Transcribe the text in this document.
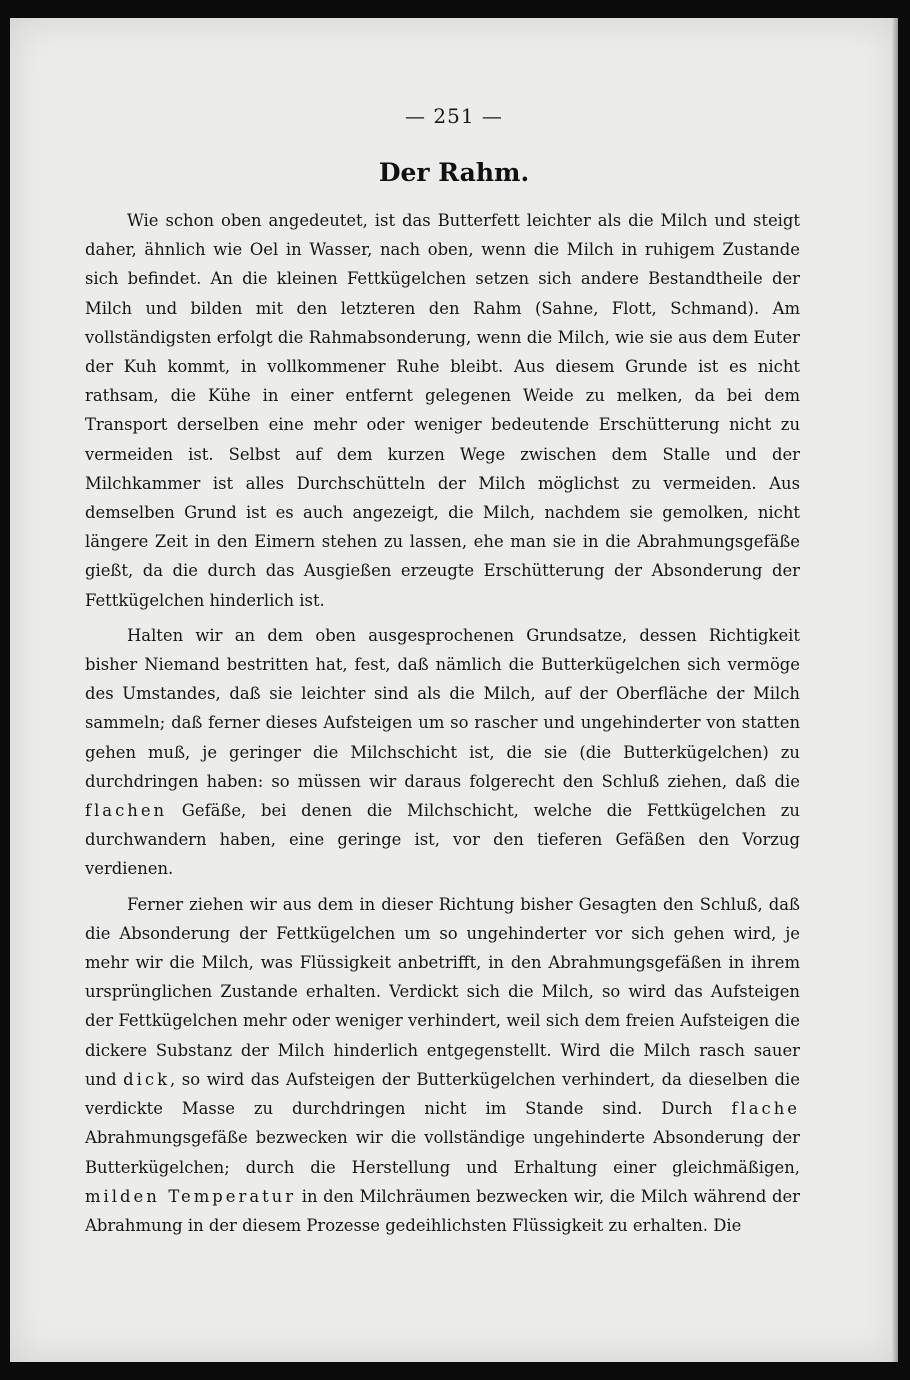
— 251 —
Der Rahm.

Wie schon oben angedeutet, ist das Butterfett leichter als die Milch und steigt daher, ähnlich wie Oel in Wasser, nach oben, wenn die Milch in ruhigem Zustande sich befindet. An die kleinen Fettkügelchen setzen sich andere Bestandtheile der Milch und bilden mit den letzteren den Rahm (Sahne, Flott, Schmand). Am vollständigsten erfolgt die Rahmabsonderung, wenn die Milch, wie sie aus dem Euter der Kuh kommt, in vollkommener Ruhe bleibt. Aus diesem Grunde ist es nicht rathsam, die Kühe in einer entfernt gelegenen Weide zu melken, da bei dem Transport derselben eine mehr oder weniger bedeutende Erschütterung nicht zu vermeiden ist. Selbst auf dem kurzen Wege zwischen dem Stalle und der Milchkammer ist alles Durchschütteln der Milch möglichst zu vermeiden. Aus demselben Grund ist es auch angezeigt, die Milch, nachdem sie gemolken, nicht längere Zeit in den Eimern stehen zu lassen, ehe man sie in die Abrahmungsgefäße gießt, da die durch das Ausgießen erzeugte Erschütterung der Absonderung der Fettkügelchen hinderlich ist.

Halten wir an dem oben ausgesprochenen Grundsatze, dessen Richtigkeit bisher Niemand bestritten hat, fest, daß nämlich die Butterkügelchen sich vermöge des Umstandes, daß sie leichter sind als die Milch, auf der Oberfläche der Milch sammeln; daß ferner dieses Aufsteigen um so rascher und ungehinderter von statten gehen muß, je geringer die Milchschicht ist, die sie (die Butterkügelchen) zu durchdringen haben: so müssen wir daraus folgerecht den Schluß ziehen, daß die flachen Gefäße, bei denen die Milchschicht, welche die Fettkügelchen zu durchwandern haben, eine geringe ist, vor den tieferen Gefäßen den Vorzug verdienen.

Ferner ziehen wir aus dem in dieser Richtung bisher Gesagten den Schluß, daß die Absonderung der Fettkügelchen um so ungehinderter vor sich gehen wird, je mehr wir die Milch, was Flüssigkeit anbetrifft, in den Abrahmungsgefäßen in ihrem ursprünglichen Zustande erhalten. Verdickt sich die Milch, so wird das Aufsteigen der Fettkügelchen mehr oder weniger verhindert, weil sich dem freien Aufsteigen die dickere Substanz der Milch hinderlich entgegenstellt. Wird die Milch rasch sauer und dick, so wird das Aufsteigen der Butterkügelchen verhindert, da dieselben die verdickte Masse zu durchdringen nicht im Stande sind. Durch flache Abrahmungsgefäße bezwecken wir die vollständige ungehinderte Absonderung der Butterkügelchen; durch die Herstellung und Erhaltung einer gleichmäßigen, milden Temperatur in den Milchräumen bezwecken wir, die Milch während der Abrahmung in der diesem Prozesse gedeihlichsten Flüssigkeit zu erhalten. Die
